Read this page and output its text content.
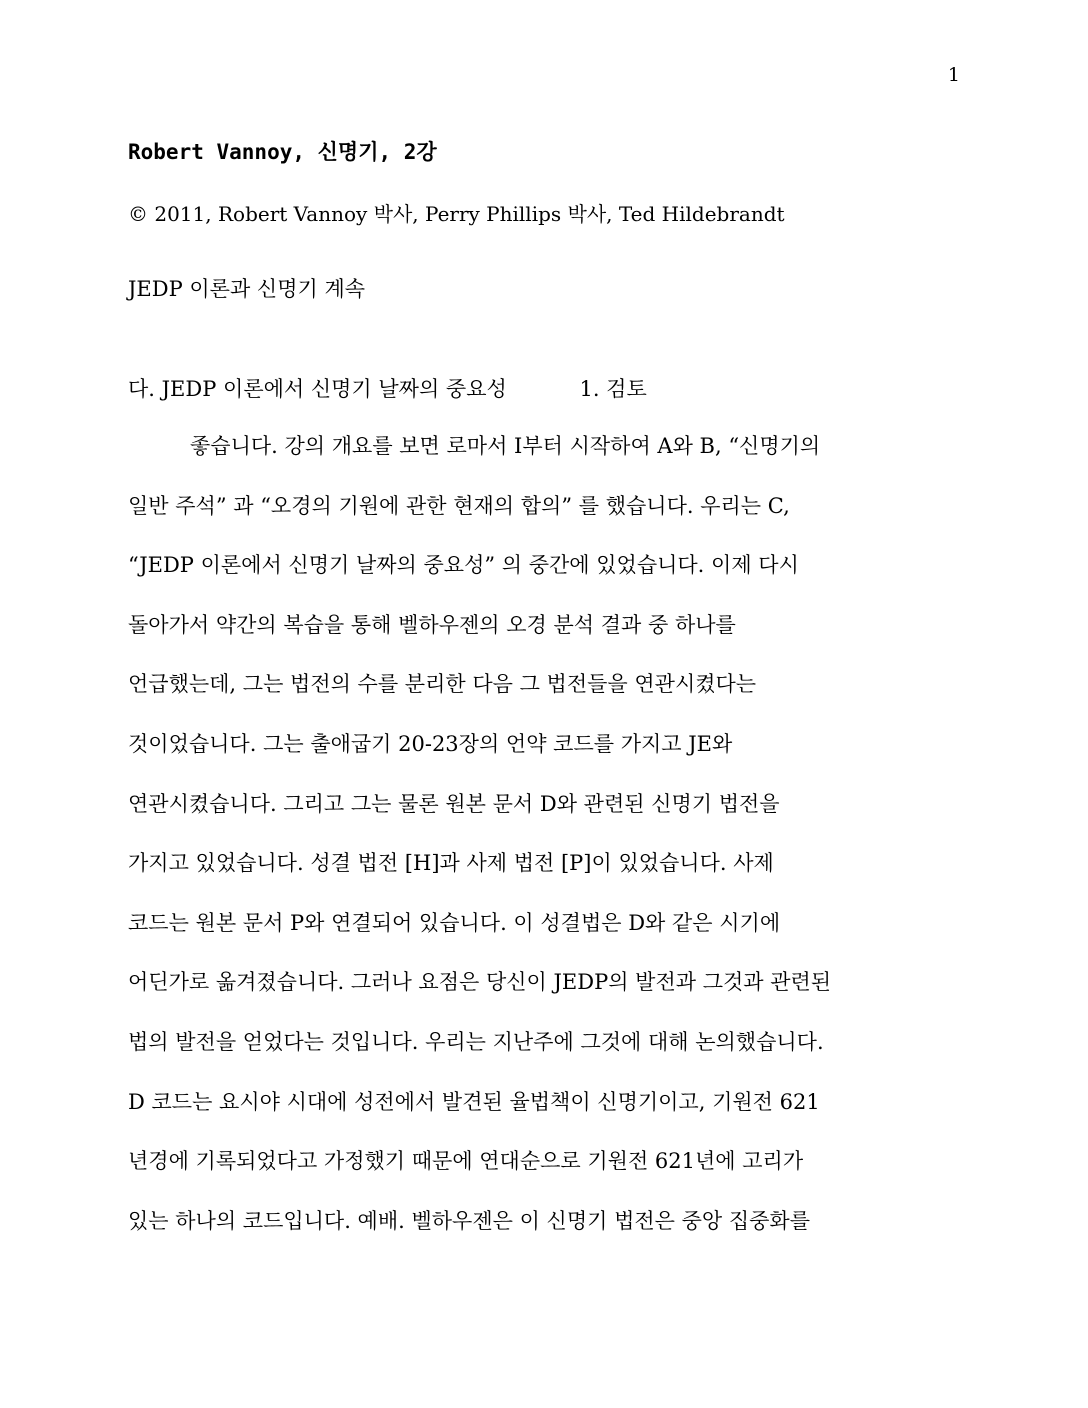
1
Robert Vannoy, 신명기, 2강
© 2011, Robert Vannoy 박사, Perry Phillips 박사, Ted Hildebrandt
JEDP 이론과 신명기 계속
다. JEDP 이론에서 신명기 날짜의 중요성	1. 검토
좋습니다. 강의 개요를 보면 로마서 I부터 시작하여 A와 B, “신명기의
일반 주석” 과 “오경의 기원에 관한 현재의 합의” 를 했습니다. 우리는 C,
“JEDP 이론에서 신명기 날짜의 중요성” 의 중간에 있었습니다. 이제 다시
돌아가서 약간의 복습을 통해 벨하우젠의 오경 분석 결과 중 하나를
언급했는데, 그는 법전의 수를 분리한 다음 그 법전들을 연관시켰다는
것이었습니다. 그는 출애굽기 20-23장의 언약 코드를 가지고 JE와
연관시켰습니다. 그리고 그는 물론 원본 문서 D와 관련된 신명기 법전을
가지고 있었습니다. 성결 법전 [H]과 사제 법전 [P]이 있었습니다. 사제
코드는 원본 문서 P와 연결되어 있습니다. 이 성결법은 D와 같은 시기에
어딘가로 옮겨졌습니다. 그러나 요점은 당신이 JEDP의 발전과 그것과 관련된
법의 발전을 얻었다는 것입니다. 우리는 지난주에 그것에 대해 논의했습니다.
D 코드는 요시야 시대에 성전에서 발견된 율법책이 신명기이고, 기원전 621
년경에 기록되었다고 가정했기 때문에 연대순으로 기원전 621년에 고리가
있는 하나의 코드입니다. 예배. 벨하우젠은 이 신명기 법전은 중앙 집중화를
